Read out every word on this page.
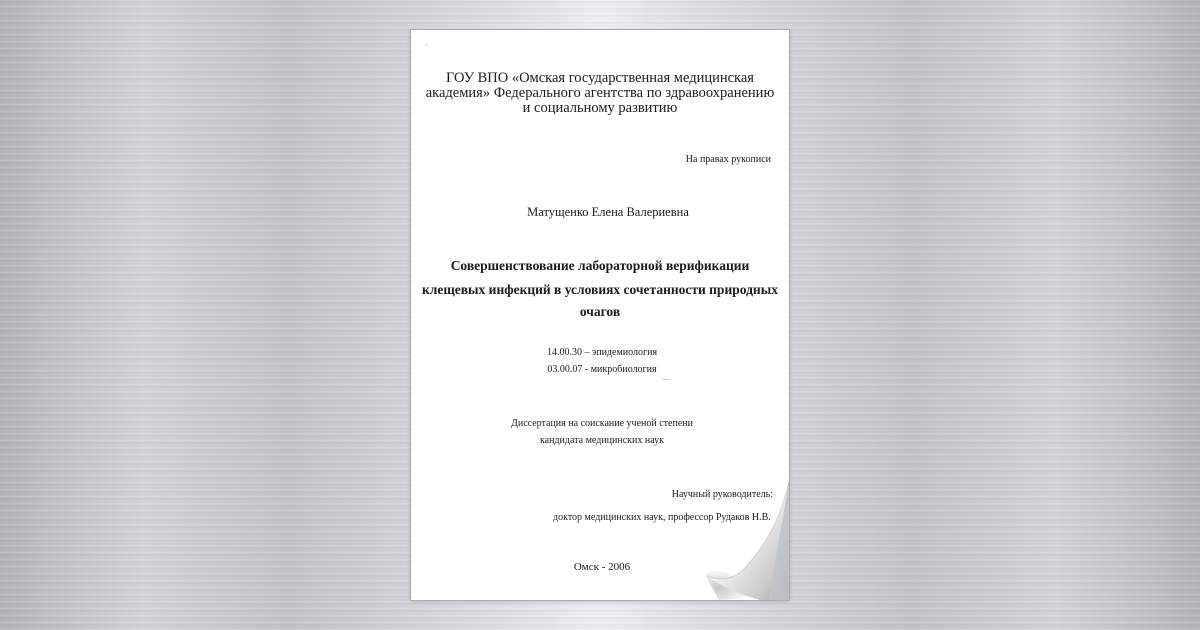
ГОУ ВПО «Омская государственная медицинская
академия» Федерального агентства по здравоохранению
и социальному развитию
На правах рукописи
Матущенко Елена Валериевна
Совершенствование лабораторной верификации
клещевых инфекций в условиях сочетанности природных
очагов
14.00.30 – эпидемиология
03.00.07 - микробиология
Диссертация на соискание ученой степени
кандидата медицинских наук
Научный руководитель:
доктор медицинских наук, профессор Рудаков Н.В.
Омск - 2006
·
‿
